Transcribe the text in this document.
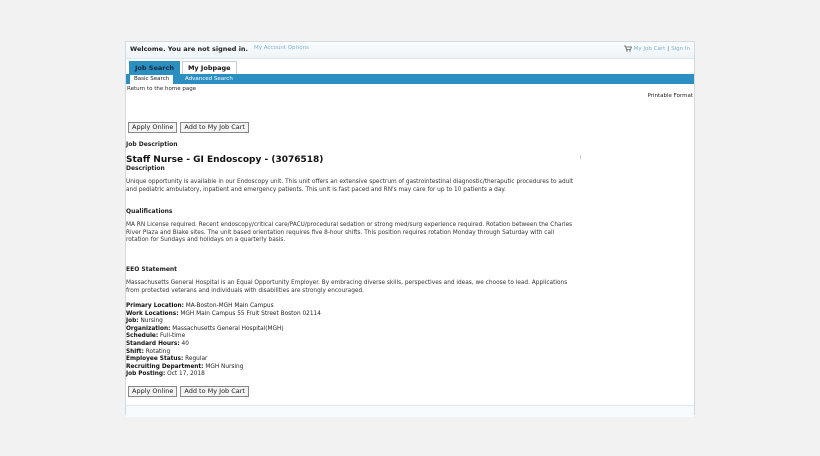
Welcome. You are not signed in. My Account Options	My Job Cart | Sign In
Job Search	My Jobpage
Basic Search	Advanced Search
Return to the home page
Printable Format
Apply Online	Add to My Job Cart
Job Description
Staff Nurse - GI Endoscopy - (3076518)
Description
Unique opportunity is available in our Endoscopy unit. This unit offers an extensive spectrum of gastrointestinal diagnostic/theraputic procedures to adult and pediatric ambulatory, inpatient and emergency patients. This unit is fast paced and RN's may care for up to 10 patients a day.
Qualifications
MA RN License required. Recent endoscopy/critical care/PACU/procedural sedation or strong med/surg experience required. Rotation between the Charles River Plaza and Blake sites. The unit based orientation requires five 8-hour shifts. This position requires rotation Monday through Saturday with call rotation for Sundays and holidays on a quarterly basis.
EEO Statement
Massachusetts General Hospital is an Equal Opportunity Employer. By embracing diverse skills, perspectives and ideas, we choose to lead. Applications from protected veterans and individuals with disabilities are strongly encouraged.
Primary Location: MA-Boston-MGH Main Campus
Work Locations: MGH Main Campus 55 Fruit Street Boston 02114
Job: Nursing
Organization: Massachusetts General Hospital(MGH)
Schedule: Full-time
Standard Hours: 40
Shift: Rotating
Employee Status: Regular
Recruiting Department: MGH Nursing
Job Posting: Oct 17, 2018
Apply Online	Add to My Job Cart
